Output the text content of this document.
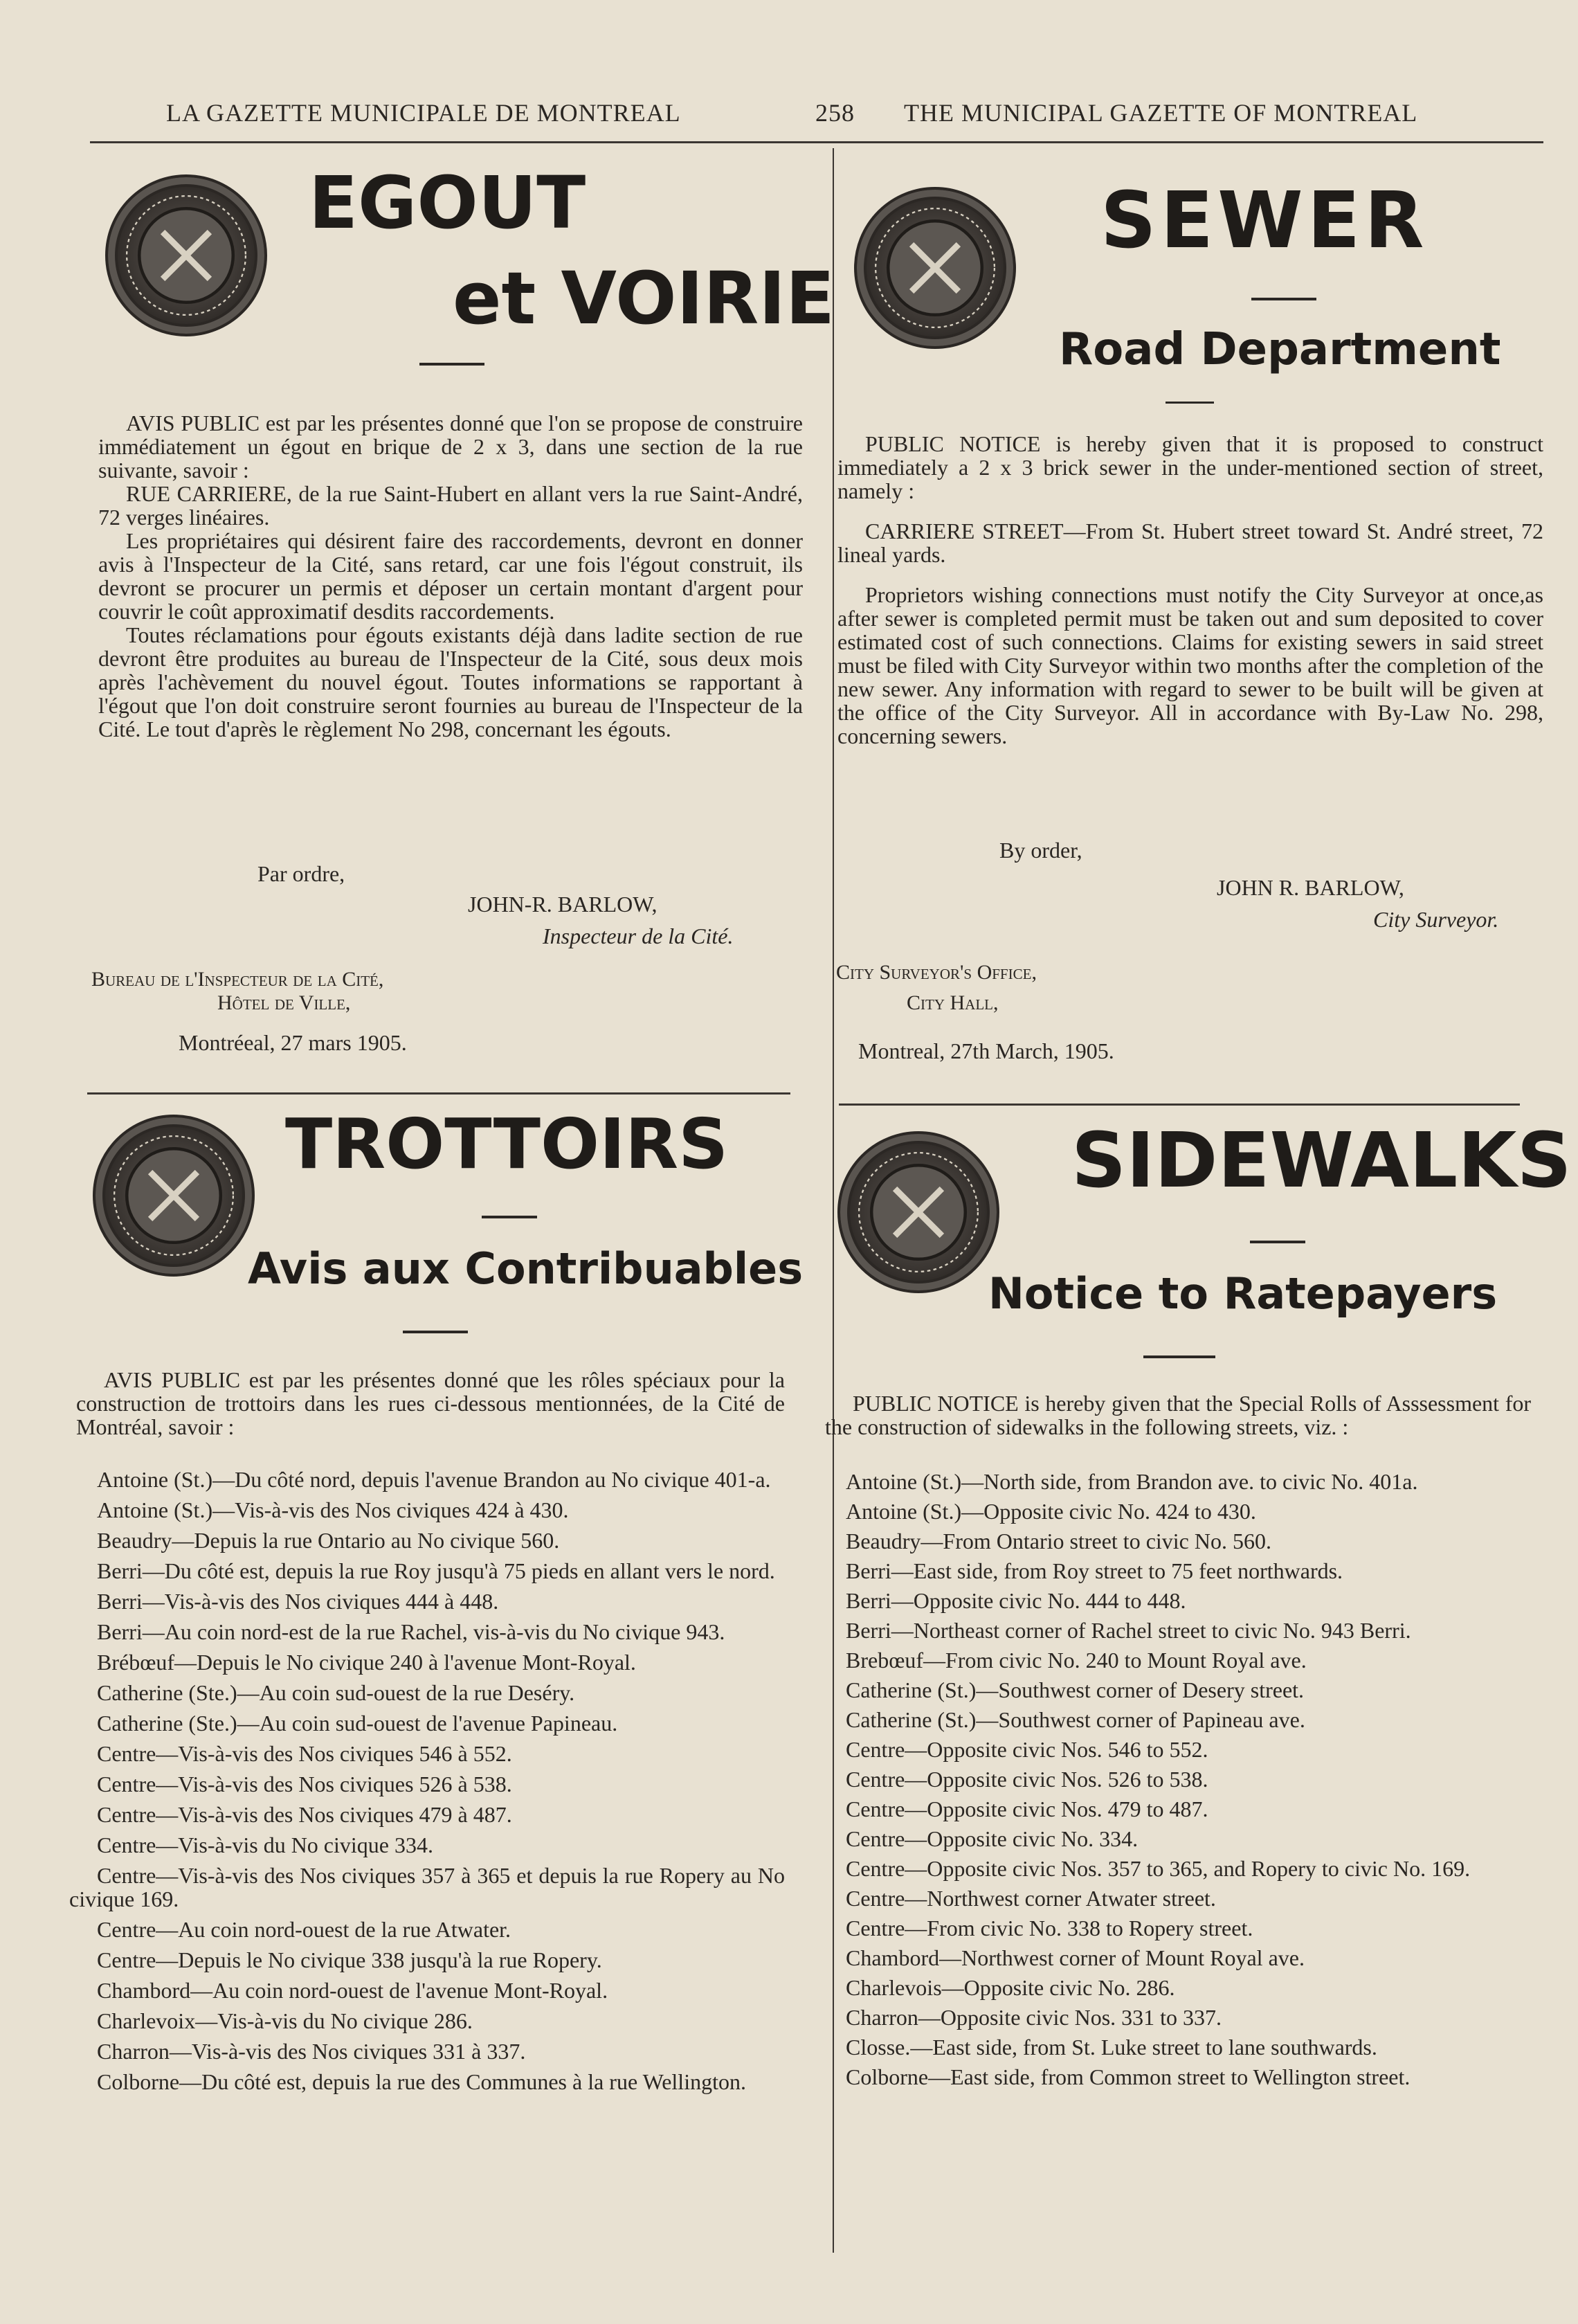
LA GAZETTE MUNICIPALE DE MONTREAL	258 THE MUNICIPAL GAZETTE OF MONTREAL
EGOUT
et VOIRIE

AVIS PUBLIC est par les présentes donné que l'on se propose de construire immédiatement un égout en brique de 2 x 3, dans une section de la rue suivante, savoir :

RUE CARRIERE, de la rue Saint-Hubert en allant vers la rue Saint-André, 72 verges linéaires.

Les propriétaires qui désirent faire des raccordements, devront en donner avis à l'Inspecteur de la Cité, sans retard, car une fois l'égout construit, ils devront se procurer un permis et déposer un certain montant d'argent pour couvrir le coût approximatif desdits raccordements.

Toutes réclamations pour égouts existants déjà dans ladite section de rue devront être produites au bureau de l'Inspecteur de la Cité, sous deux mois après l'achèvement du nouvel égout. Toutes informations se rapportant à l'égout que l'on doit construire seront fournies au bureau de l'Inspecteur de la Cité. Le tout d'après le règlement No 298, concernant les égouts.

Par ordre,
JOHN-R. BARLOW,
Inspecteur de la Cité.
Bureau de l'Inspecteur de la Cité,
Hôtel de Ville,
Montréeal, 27 mars 1905.
SEWER
Road Department

PUBLIC NOTICE is hereby given that it is proposed to construct immediately a 2 x 3 brick sewer in the under-mentioned section of street, namely :

CARRIERE STREET—From St. Hubert street toward St. André street, 72 lineal yards.

Proprietors wishing connections must notify the City Surveyor at once,as after sewer is completed permit must be taken out and sum deposited to cover estimated cost of such connections. Claims for existing sewers in said street must be filed with City Surveyor within two months after the completion of the new sewer. Any information with regard to sewer to be built will be given at the office of the City Surveyor. All in accordance with By-Law No. 298, concerning sewers.

By order,
JOHN R. BARLOW,
City Surveyor.
City Surveyor's Office,
City Hall,
Montreal, 27th March, 1905.
TROTTOIRS
Avis aux Contribuables

AVIS PUBLIC est par les présentes donné que les rôles spéciaux pour la construction de trottoirs dans les rues ci-dessous mentionnées, de la Cité de Montréal, savoir :

Antoine (St.)—Du côté nord, depuis l'avenue Brandon au No civique 401-a.
Antoine (St.)—Vis-à-vis des Nos civiques 424 à 430.
Beaudry—Depuis la rue Ontario au No civique 560.
Berri—Du côté est, depuis la rue Roy jusqu'à 75 pieds en allant vers le nord.
Berri—Vis-à-vis des Nos civiques 444 à 448.
Berri—Au coin nord-est de la rue Rachel, vis-à-vis du No civique 943.
Brébœuf—Depuis le No civique 240 à l'avenue Mont-Royal.
Catherine (Ste.)—Au coin sud-ouest de la rue Deséry.
Catherine (Ste.)—Au coin sud-ouest de l'avenue Papineau.
Centre—Vis-à-vis des Nos civiques 546 à 552.
Centre—Vis-à-vis des Nos civiques 526 à 538.
Centre—Vis-à-vis des Nos civiques 479 à 487.
Centre—Vis-à-vis du No civique 334.
Centre—Vis-à-vis des Nos civiques 357 à 365 et depuis la rue Ropery au No civique 169.
Centre—Au coin nord-ouest de la rue Atwater.
Centre—Depuis le No civique 338 jusqu'à la rue Ropery.
Chambord—Au coin nord-ouest de l'avenue Mont-Royal.
Charlevoix—Vis-à-vis du No civique 286.
Charron—Vis-à-vis des Nos civiques 331 à 337.
Colborne—Du côté est, depuis la rue des Communes à la rue Wellington.
SIDEWALKS
Notice to Ratepayers

PUBLIC NOTICE is hereby given that the Special Rolls of Asssessment for the construction of sidewalks in the following streets, viz. :

Antoine (St.)—North side, from Brandon ave. to civic No. 401a.
Antoine (St.)—Opposite civic No. 424 to 430.
Beaudry—From Ontario street to civic No. 560.
Berri—East side, from Roy street to 75 feet northwards.
Berri—Opposite civic No. 444 to 448.
Berri—Northeast corner of Rachel street to civic No. 943 Berri.
Brebœuf—From civic No. 240 to Mount Royal ave.
Catherine (St.)—Southwest corner of Desery street.
Catherine (St.)—Southwest corner of Papineau ave.
Centre—Opposite civic Nos. 546 to 552.
Centre—Opposite civic Nos. 526 to 538.
Centre—Opposite civic Nos. 479 to 487.
Centre—Opposite civic No. 334.
Centre—Opposite civic Nos. 357 to 365, and Ropery to civic No. 169.
Centre—Northwest corner Atwater street.
Centre—From civic No. 338 to Ropery street.
Chambord—Northwest corner of Mount Royal ave.
Charlevois—Opposite civic No. 286.
Charron—Opposite civic Nos. 331 to 337.
Closse.—East side, from St. Luke street to lane southwards.
Colborne—East side, from Common street to Wellington street.
